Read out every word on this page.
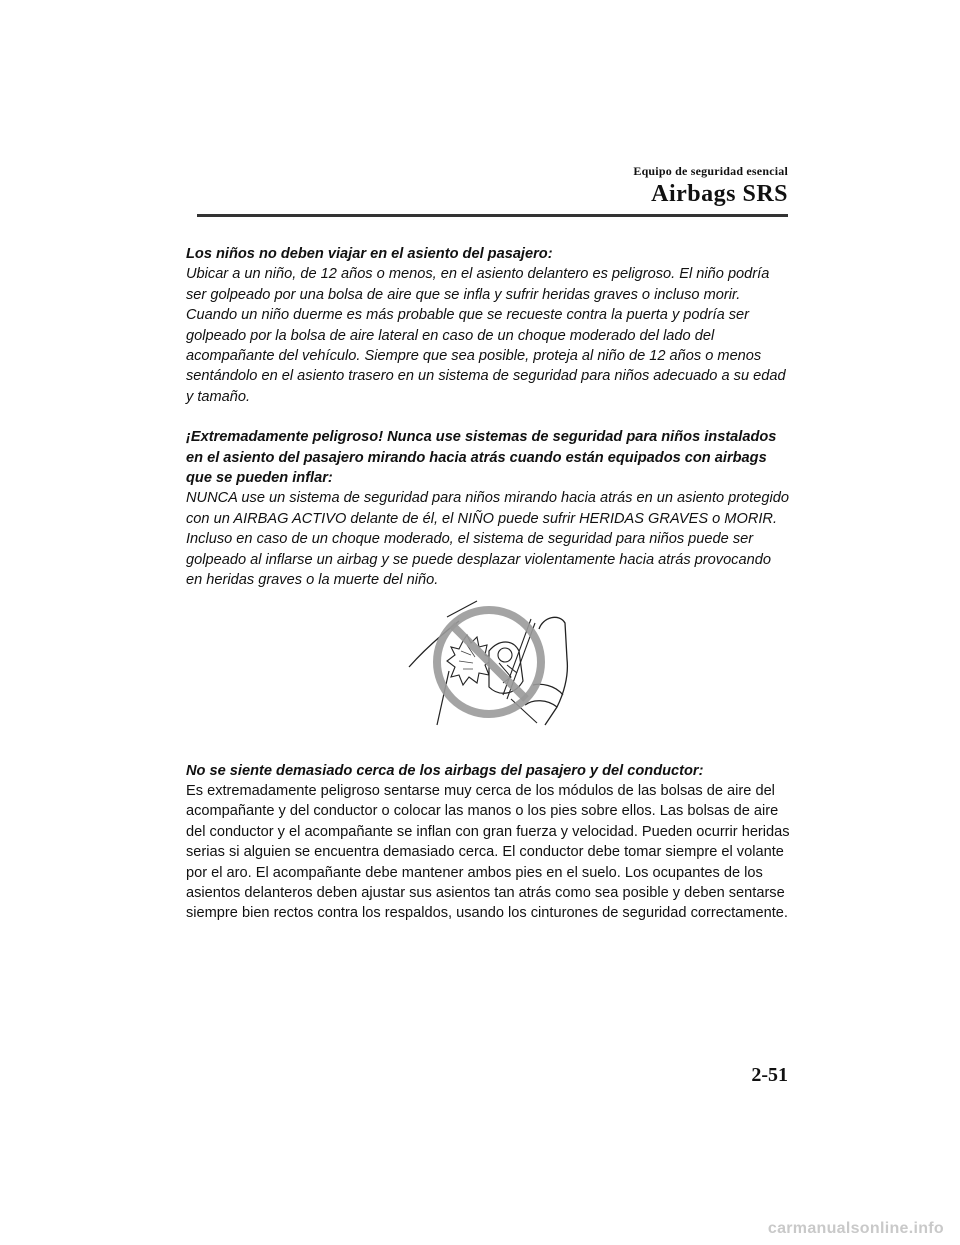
Equipo de seguridad esencial
Airbags SRS

Los niños no deben viajar en el asiento del pasajero:

Ubicar a un niño, de 12 años o menos, en el asiento delantero es peligroso. El niño podría ser golpeado por una bolsa de aire que se infla y sufrir heridas graves o incluso morir. Cuando un niño duerme es más probable que se recueste contra la puerta y podría ser golpeado por la bolsa de aire lateral en caso de un choque moderado del lado del acompañante del vehículo. Siempre que sea posible, proteja al niño de 12 años o menos sentándolo en el asiento trasero en un sistema de seguridad para niños adecuado a su edad y tamaño.

¡Extremadamente peligroso! Nunca use sistemas de seguridad para niños instalados en el asiento del pasajero mirando hacia atrás cuando están equipados con airbags que se pueden inflar:

NUNCA use un sistema de seguridad para niños mirando hacia atrás en un asiento protegido con un AIRBAG ACTIVO delante de él, el NIÑO puede sufrir HERIDAS GRAVES o MORIR. Incluso en caso de un choque moderado, el sistema de seguridad para niños puede ser golpeado al inflarse un airbag y se puede desplazar violentamente hacia atrás provocando en heridas graves o la muerte del niño.

No se siente demasiado cerca de los airbags del pasajero y del conductor:

Es extremadamente peligroso sentarse muy cerca de los módulos de las bolsas de aire del acompañante y del conductor o colocar las manos o los pies sobre ellos. Las bolsas de aire del conductor y el acompañante se inflan con gran fuerza y velocidad. Pueden ocurrir heridas serias si alguien se encuentra demasiado cerca. El conductor debe tomar siempre el volante por el aro. El acompañante debe mantener ambos pies en el suelo. Los ocupantes de los asientos delanteros deben ajustar sus asientos tan atrás como sea posible y deben sentarse siempre bien rectos contra los respaldos, usando los cinturones de seguridad correctamente.

2-51
carmanualsonline.info
